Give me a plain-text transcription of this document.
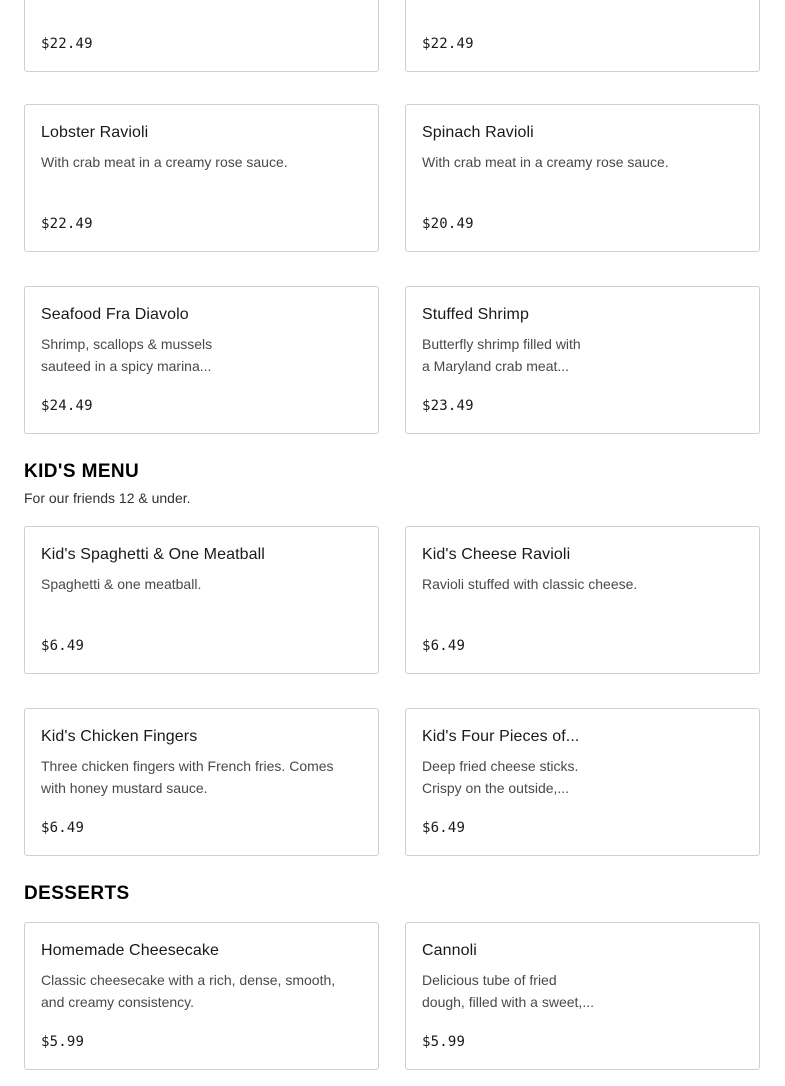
$22.49	$22.49
Lobster Ravioli
With crab meat in a creamy rose sauce.
$22.49
Spinach Ravioli
With crab meat in a creamy rose sauce.
$20.49
Seafood Fra Diavolo
Shrimp, scallops & mussels
sauteed in a spicy marina...
$24.49
Stuffed Shrimp
Butterfly shrimp filled with
a Maryland crab meat...
$23.49
KID'S MENU
For our friends 12 & under.
Kid's Spaghetti & One Meatball
Spaghetti & one meatball.
$6.49
Kid's Cheese Ravioli
Ravioli stuffed with classic cheese.
$6.49
Kid's Chicken Fingers
Three chicken fingers with French fries. Comes
with honey mustard sauce.
$6.49
Kid's Four Pieces of...
Deep fried cheese sticks.
Crispy on the outside,...
$6.49
DESSERTS
Homemade Cheesecake
Classic cheesecake with a rich, dense, smooth,
and creamy consistency.
$5.99
Cannoli
Delicious tube of fried
dough, filled with a sweet,...
$5.99
